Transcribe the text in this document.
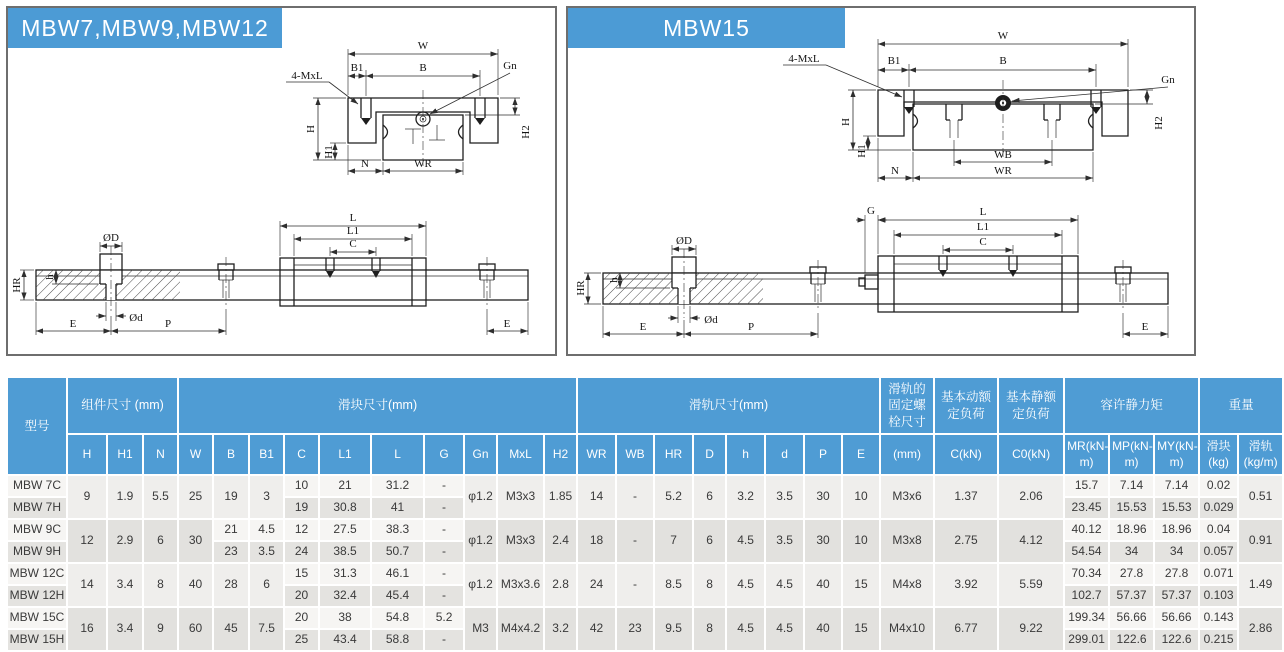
MBW7,MBW9,MBW12
W
B1	B
4-MxL
Gn
H
H1
H2
N	WR
ØD
Ød
HR
h
L
L1
C
E	P	E
MBW15	W
B1	B
4-MxL
Gn
H
H1
H2
WB
WR
N
ØD
Ød
HR
h
G	L
L1
C
E	P	E
型号	组件尺寸 (mm)			滑块尺寸(mm)										滑轨尺寸(mm)								滑轨的固定螺栓尺寸	基本动额定负荷	基本静额定负荷	容许静力矩			重量	
	H	H1	N	W	B	B1	C	L1	L	G	Gn	MxL	H2	WR	WB	HR	D	h	d	P	E	(mm)	C(kN)	C0(kN)	MR(kN-m)	MP(kN-m)	MY(kN-m)	滑块(kg)	滑轨(kg/m)
MBW 7C	9	1.9	5.5	25	19	3	10	21	31.2	-	φ1.2	M3x3	1.85	14	-	5.2	6	3.2	3.5	30	10	M3x6	1.37	2.06	15.7	7.14	7.14	0.02	0.51
MBW 7H							19	30.8	41	-															23.45	15.53	15.53	0.029	
MBW 9C	12	2.9	6	30	21	4.5	12	27.5	38.3	-	φ1.2	M3x3	2.4	18	-	7	6	4.5	3.5	30	10	M3x8	2.75	4.12	40.12	18.96	18.96	0.04	0.91
MBW 9H					23	3.5	24	38.5	50.7	-															54.54	34	34	0.057	
MBW 12C	14	3.4	8	40	28	6	15	31.3	46.1	-	φ1.2	M3x3.6	2.8	24	-	8.5	8	4.5	4.5	40	15	M4x8	3.92	5.59	70.34	27.8	27.8	0.071	1.49
MBW 12H							20	32.4	45.4	-															102.7	57.37	57.37	0.103	
MBW 15C	16	3.4	9	60	45	7.5	20	38	54.8	5.2	M3	M4x4.2	3.2	42	23	9.5	8	4.5	4.5	40	15	M4x10	6.77	9.22	199.34	56.66	56.66	0.143	2.86
MBW 15H							25	43.4	58.8	-															299.01	122.6	122.6	0.215	
